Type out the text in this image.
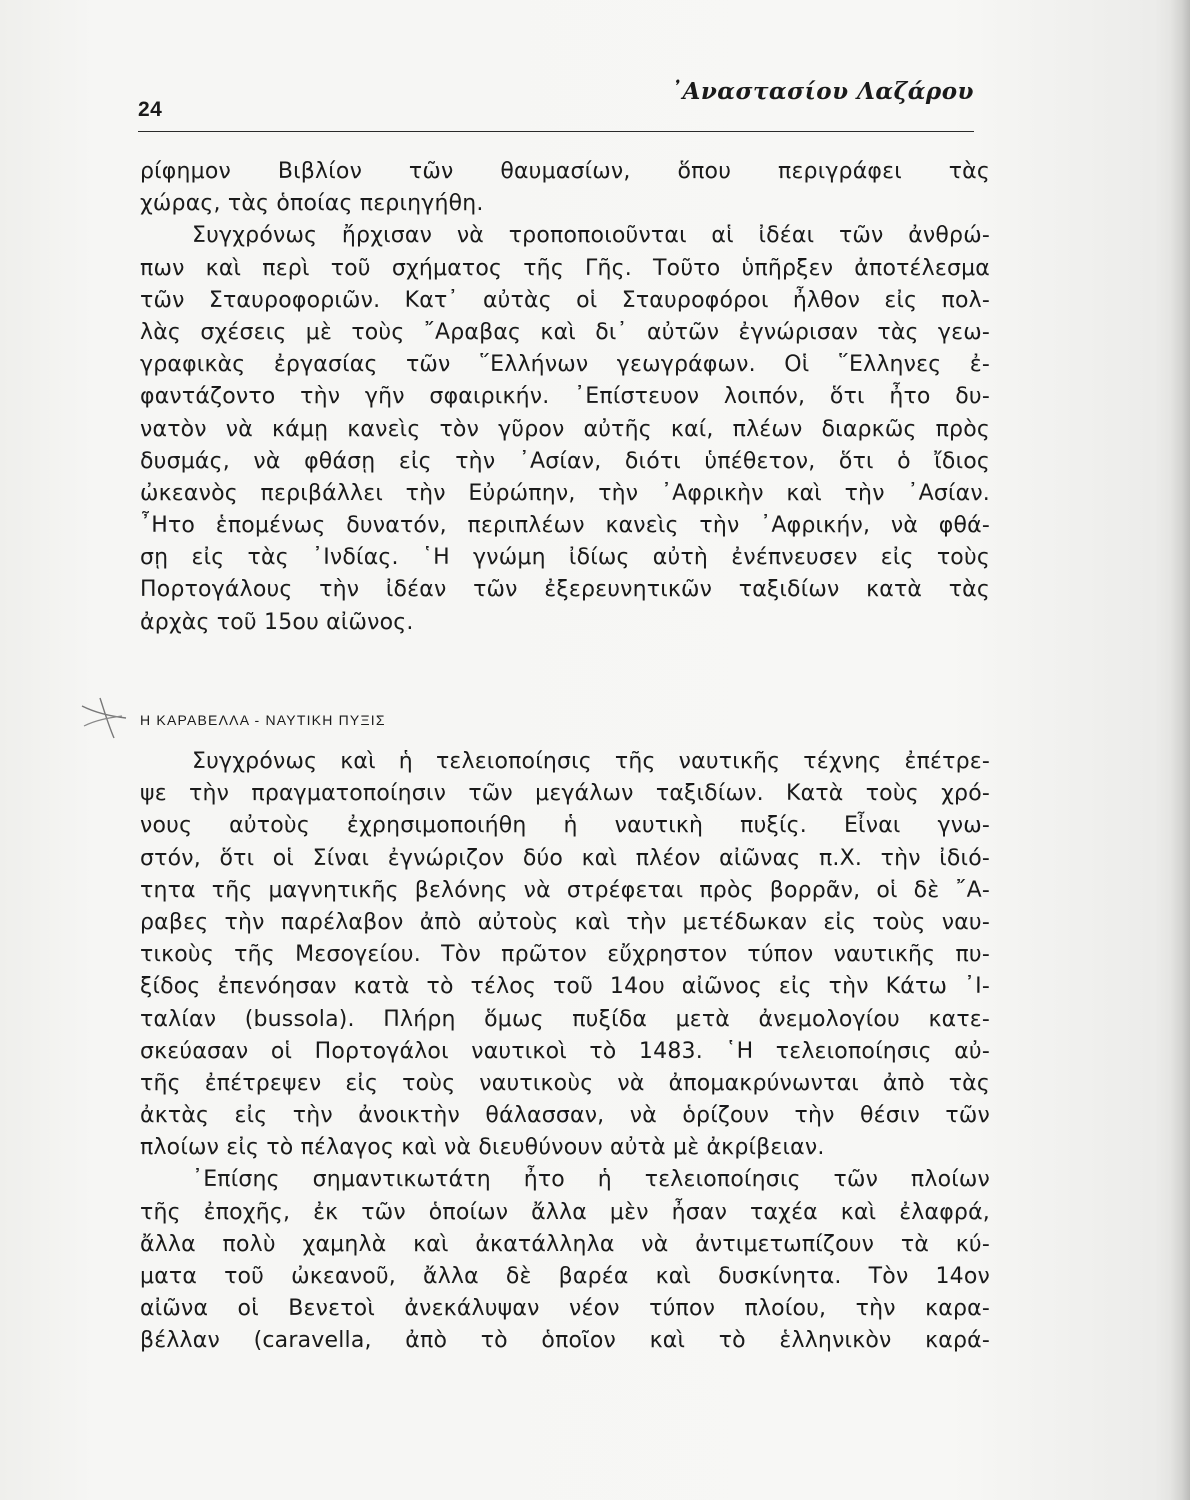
24
᾿Αναστασίου Λαζάρου
ρίφημον Βιβλίον τῶν θαυμασίων, ὅπου περιγράφει τὰς
χώρας, τὰς ὁποίας περιηγήθη.
Συγχρόνως ἤρχισαν νὰ τροποποιοῦνται αἱ ἰδέαι τῶν ἀνθρώ-
πων καὶ περὶ τοῦ σχήματος τῆς Γῆς. Τοῦτο ὑπῆρξεν ἀποτέλεσμα
τῶν Σταυροφοριῶν. Κατ᾿ αὐτὰς οἱ Σταυροφόροι ἦλθον εἰς πολ-
λὰς σχέσεις μὲ τοὺς ῎Αραβας καὶ δι᾿ αὐτῶν ἐγνώρισαν τὰς γεω-
γραφικὰς ἐργασίας τῶν ῞Ελλήνων γεωγράφων. Οἱ ῞Ελληνες ἐ-
φαντάζοντο τὴν γῆν σφαιρικήν. ᾿Επίστευον λοιπόν, ὅτι ἦτο δυ-
νατὸν νὰ κάμῃ κανεὶς τὸν γῦρον αὐτῆς καί, πλέων διαρκῶς πρὸς
δυσμάς, νὰ φθάσῃ εἰς τὴν ᾿Ασίαν, διότι ὑπέθετον, ὅτι ὁ ἴδιος
ὠκεανὸς περιβάλλει τὴν Εὐρώπην, τὴν ᾿Αφρικὴν καὶ τὴν ᾿Ασίαν.
῏Ητο ἑπομένως δυνατόν, περιπλέων κανεὶς τὴν ᾿Αφρικήν, νὰ φθά-
σῃ εἰς τὰς ᾿Ινδίας. ῾Η γνώμη ἰδίως αὐτὴ ἐνέπνευσεν εἰς τοὺς
Πορτογάλους τὴν ἰδέαν τῶν ἐξερευνητικῶν ταξιδίων κατὰ τὰς
ἀρχὰς τοῦ 15ου αἰῶνος.
Η ΚΑΡΑΒΕΛΛΑ - ΝΑΥΤΙΚΗ ΠΥΞΙΣ
Συγχρόνως καὶ ἡ τελειοποίησις τῆς ναυτικῆς τέχνης ἐπέτρε-
ψε τὴν πραγματοποίησιν τῶν μεγάλων ταξιδίων. Κατὰ τοὺς χρό-
νους αὐτοὺς ἐχρησιμοποιήθη ἡ ναυτικὴ πυξίς. Εἶναι γνω-
στόν, ὅτι οἱ Σίναι ἐγνώριζον δύο καὶ πλέον αἰῶνας π.Χ. τὴν ἰδιό-
τητα τῆς μαγνητικῆς βελόνης νὰ στρέφεται πρὸς βορρᾶν, οἱ δὲ ῎Α-
ραβες τὴν παρέλαβον ἀπὸ αὐτοὺς καὶ τὴν μετέδωκαν εἰς τοὺς ναυ-
τικοὺς τῆς Μεσογείου. Τὸν πρῶτον εὔχρηστον τύπον ναυτικῆς πυ-
ξίδος ἐπενόησαν κατὰ τὸ τέλος τοῦ 14ου αἰῶνος εἰς τὴν Κάτω ᾿Ι-
ταλίαν (bussola). Πλήρη ὅμως πυξίδα μετὰ ἀνεμολογίου κατε-
σκεύασαν οἱ Πορτογάλοι ναυτικοὶ τὸ 1483. ῾Η τελειοποίησις αὐ-
τῆς ἐπέτρεψεν εἰς τοὺς ναυτικοὺς νὰ ἀπομακρύνωνται ἀπὸ τὰς
ἀκτὰς εἰς τὴν ἀνοικτὴν θάλασσαν, νὰ ὁρίζουν τὴν θέσιν τῶν
πλοίων εἰς τὸ πέλαγος καὶ νὰ διευθύνουν αὐτὰ μὲ ἀκρίβειαν.
᾿Επίσης σημαντικωτάτη ἦτο ἡ τελειοποίησις τῶν πλοίων
τῆς ἐποχῆς, ἐκ τῶν ὁποίων ἄλλα μὲν ἦσαν ταχέα καὶ ἐλαφρά,
ἄλλα πολὺ χαμηλὰ καὶ ἀκατάλληλα νὰ ἀντιμετωπίζουν τὰ κύ-
ματα τοῦ ὠκεανοῦ, ἄλλα δὲ βαρέα καὶ δυσκίνητα. Τὸν 14ον
αἰῶνα οἱ Βενετοὶ ἀνεκάλυψαν νέον τύπον πλοίου, τὴν καρα-
βέλλαν (caravella, ἀπὸ τὸ ὁποῖον καὶ τὸ ἑλληνικὸν καρά-
